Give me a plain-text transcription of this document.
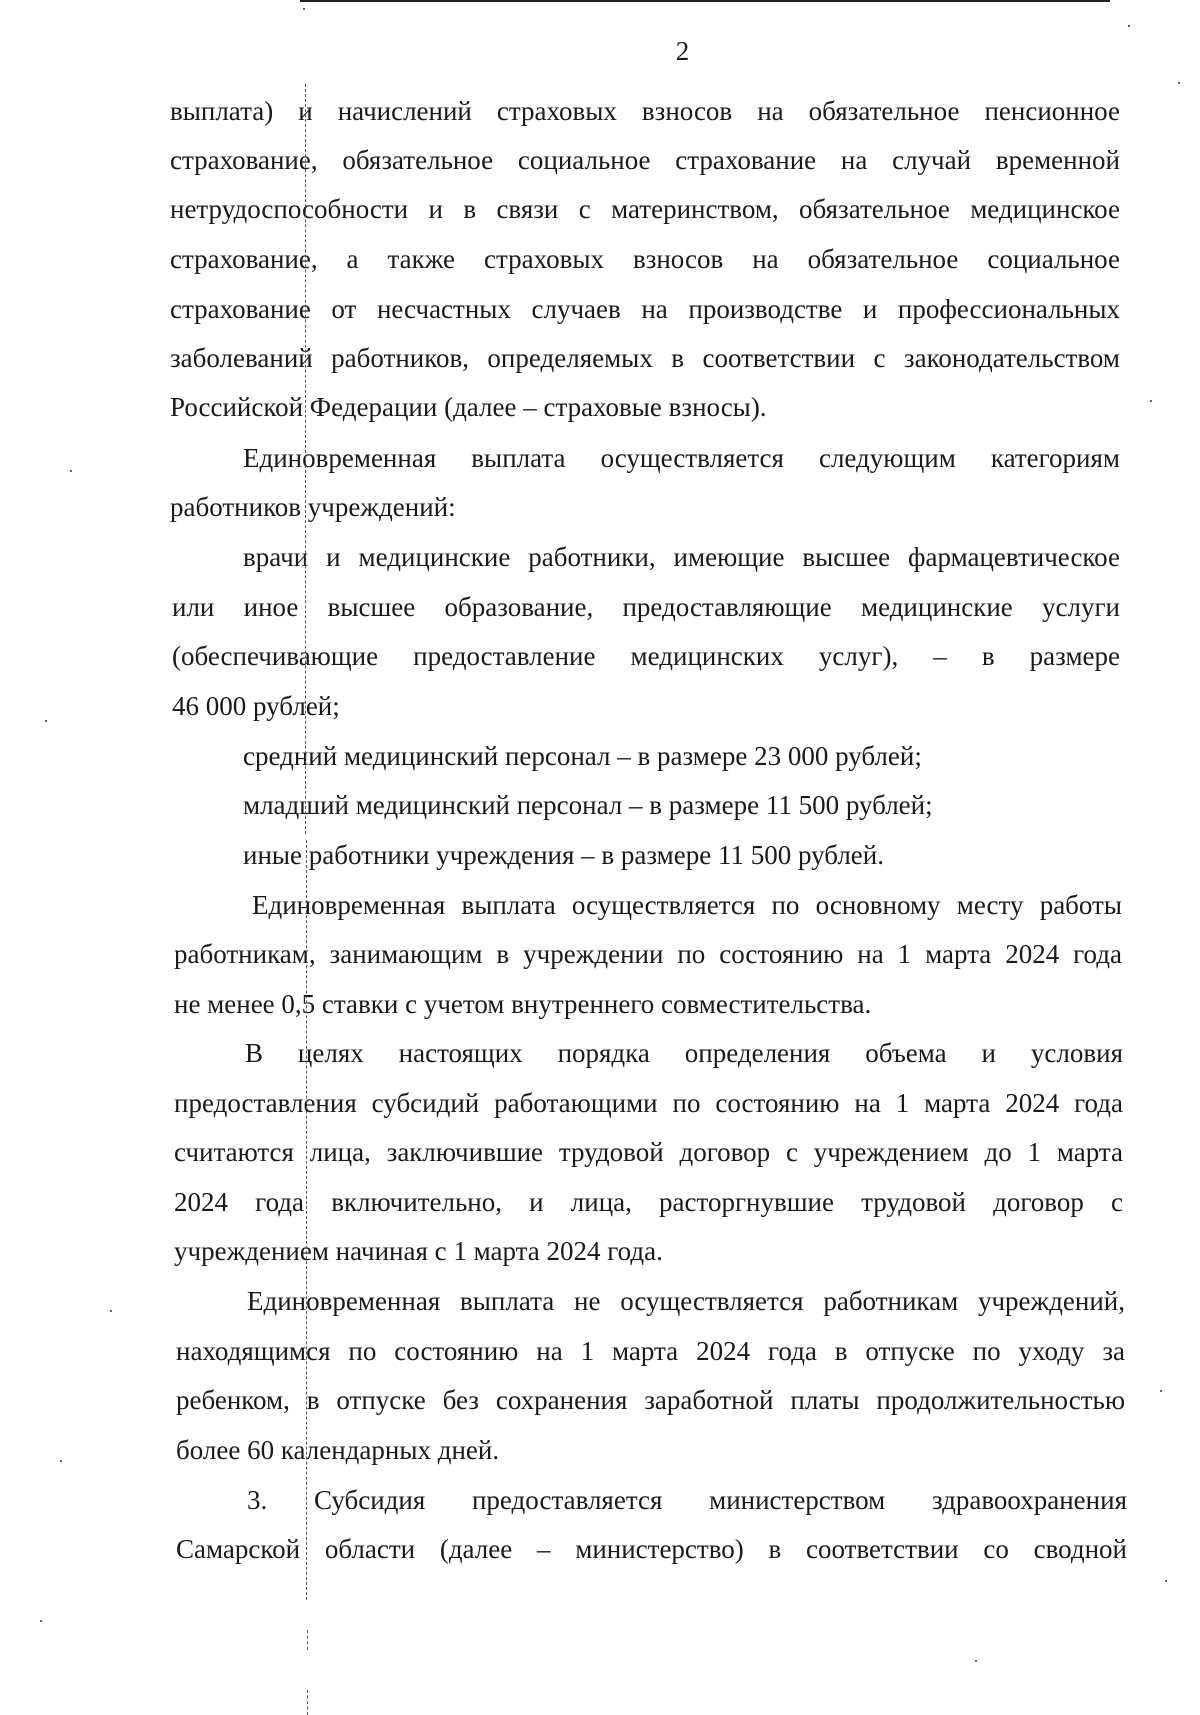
2
выплата) и начислений страховых взносов на обязательное пенсионное
страхование, обязательное социальное страхование на случай временной
нетрудоспособности и в связи с материнством, обязательное медицинское
страхование, а также страховых взносов на обязательное социальное
страхование от несчастных случаев на производстве и профессиональных
заболеваний работников, определяемых в соответствии с законодательством
Российской Федерации (далее – страховые взносы).
Единовременная выплата осуществляется следующим категориям
работников учреждений:
врачи и медицинские работники, имеющие высшее фармацевтическое
или иное высшее образование, предоставляющие медицинские услуги
(обеспечивающие предоставление медицинских услуг), – в размере
46 000 рублей;
средний медицинский персонал – в размере 23 000 рублей;
младший медицинский персонал – в размере 11 500 рублей;
иные работники учреждения – в размере 11 500 рублей.
Единовременная выплата осуществляется по основному месту работы
работникам, занимающим в учреждении по состоянию на 1 марта 2024 года
не менее 0,5 ставки с учетом внутреннего совместительства.
В целях настоящих порядка определения объема и условия
предоставления субсидий работающими по состоянию на 1 марта 2024 года
считаются лица, заключившие трудовой договор с учреждением до 1 марта
2024 года включительно, и лица, расторгнувшие трудовой договор с
учреждением начиная с 1 марта 2024 года.
Единовременная выплата не осуществляется работникам учреждений,
находящимся по состоянию на 1 марта 2024 года в отпуске по уходу за
ребенком, в отпуске без сохранения заработной платы продолжительностью
более 60 календарных дней.
3. Субсидия предоставляется министерством здравоохранения
Самарской области (далее – министерство) в соответствии со сводной
